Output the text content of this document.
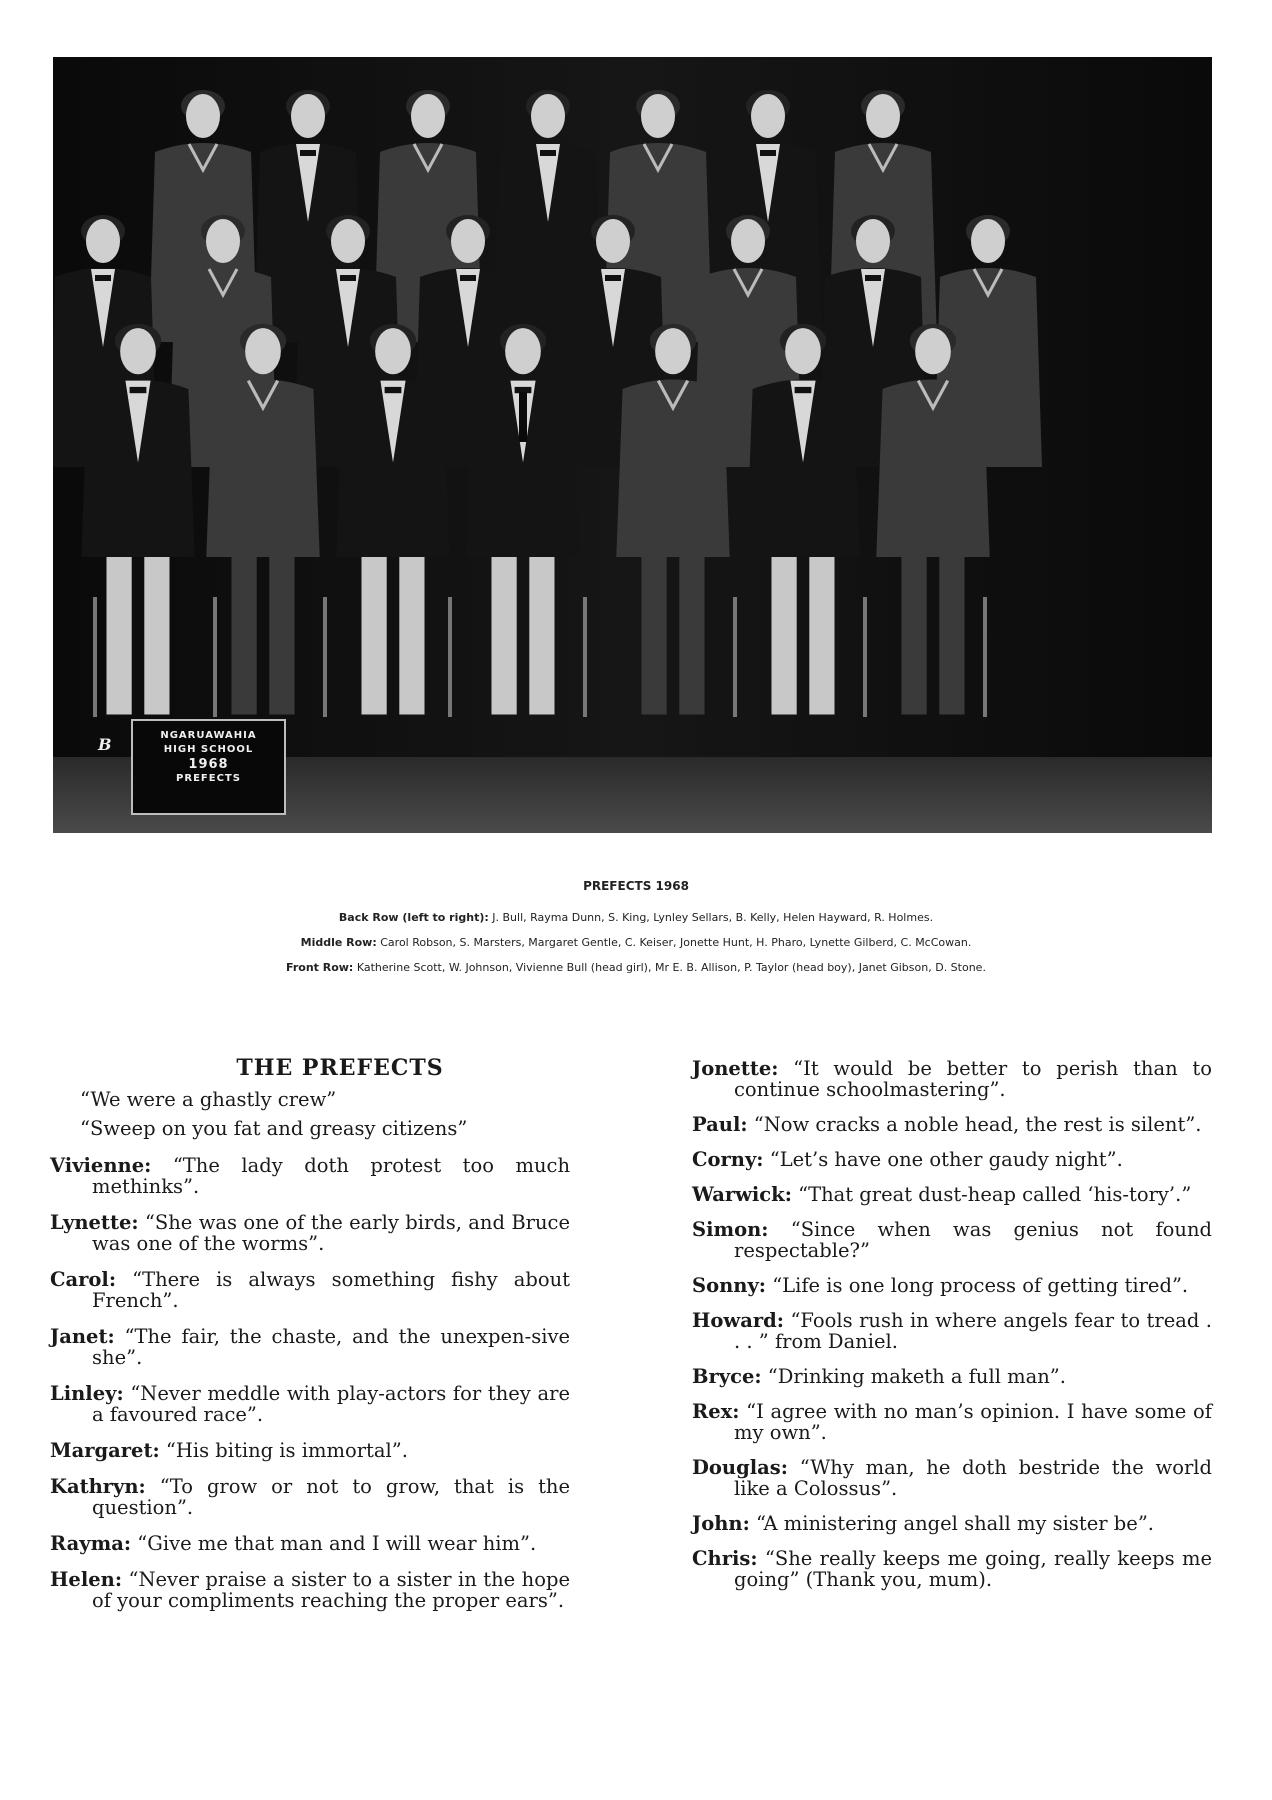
NGARUAWAHIA
HIGH SCHOOL
1968
PREFECTS
B
PREFECTS 1968
Back Row (left to right): J. Bull, Rayma Dunn, S. King, Lynley Sellars, B. Kelly, Helen Hayward, R. Holmes.
Middle Row: Carol Robson, S. Marsters, Margaret Gentle, C. Keiser, Jonette Hunt, H. Pharo, Lynette Gilberd, C. McCowan.
Front Row: Katherine Scott, W. Johnson, Vivienne Bull (head girl), Mr E. B. Allison, P. Taylor (head boy), Janet Gibson, D. Stone.
THE PREFECTS
“We were a ghastly crew”
“Sweep on you fat and greasy citizens”
Vivienne: “The lady doth protest too much methinks”.
Lynette: “She was one of the early birds, and Bruce was one of the worms”.
Carol: “There is always something fishy about French”.
Janet: “The fair, the chaste, and the unexpen-sive she”.
Linley: “Never meddle with play-actors for they are a favoured race”.
Margaret: “His biting is immortal”.
Kathryn: “To grow or not to grow, that is the question”.
Rayma: “Give me that man and I will wear him”.
Helen: “Never praise a sister to a sister in the hope of your compliments reaching the proper ears”.
Jonette: “It would be better to perish than to continue schoolmastering”.
Paul: “Now cracks a noble head, the rest is silent”.
Corny: “Let’s have one other gaudy night”.
Warwick: “That great dust-heap called ‘his-tory’.”
Simon: “Since when was genius not found respectable?”
Sonny: “Life is one long process of getting tired”.
Howard: “Fools rush in where angels fear to tread . . . ” from Daniel.
Bryce: “Drinking maketh a full man”.
Rex: “I agree with no man’s opinion. I have some of my own”.
Douglas: “Why man, he doth bestride the world like a Colossus”.
John: “A ministering angel shall my sister be”.
Chris: “She really keeps me going, really keeps me going” (Thank you, mum).
